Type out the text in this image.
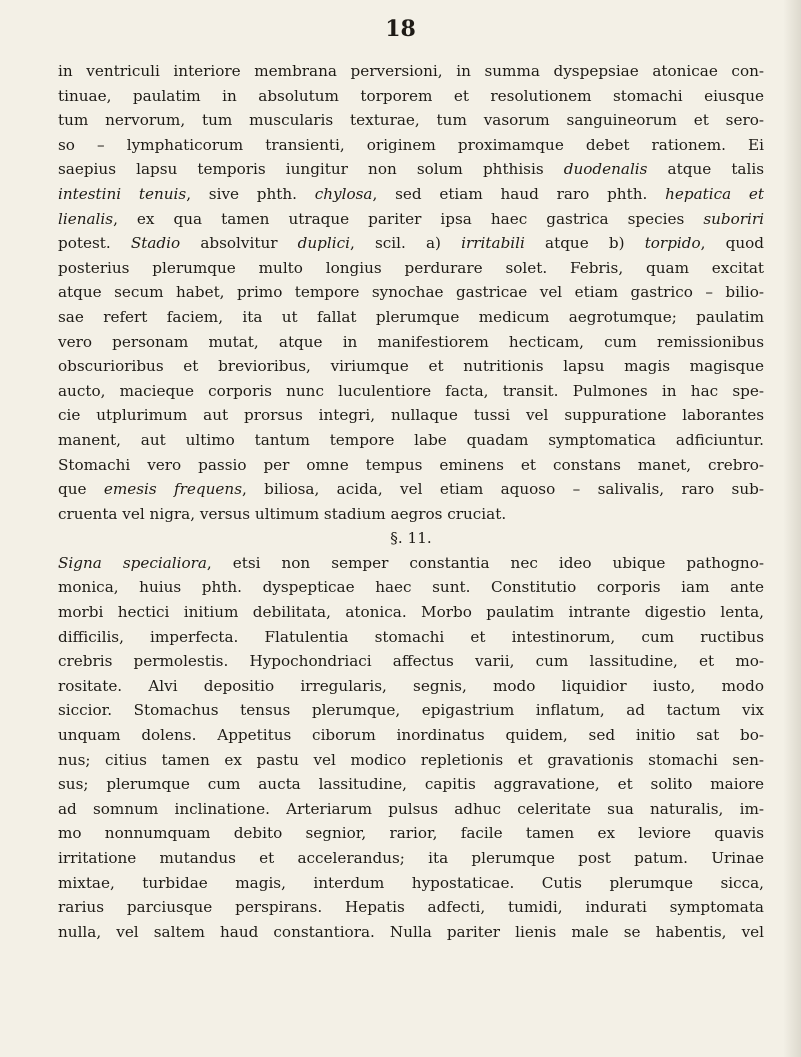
18
in ventriculi interiore membrana perversioni, in summa dyspepsiae atonicae con-
tinuae, paulatim in absolutum torporem et resolutionem stomachi eiusque
tum nervorum, tum muscularis texturae, tum vasorum sanguineorum et sero-
so – lymphaticorum transienti, originem proximamque debet rationem. Ei
saepius lapsu temporis iungitur non solum phthisis duodenalis atque talis
intestini tenuis, sive phth. chylosa, sed etiam haud raro phth. hepatica et
lienalis, ex qua tamen utraque pariter ipsa haec gastrica species suboriri
potest. Stadio absolvitur duplici, scil. a) irritabili atque b) torpido, quod
posterius plerumque multo longius perdurare solet. Febris, quam excitat
atque secum habet, primo tempore synochae gastricae vel etiam gastrico – bilio-
sae refert faciem, ita ut fallat plerumque medicum aegrotumque; paulatim
vero personam mutat, atque in manifestiorem hecticam, cum remissionibus
obscurioribus et brevioribus, viriumque et nutritionis lapsu magis magisque
aucto, macieque corporis nunc luculentiore facta, transit. Pulmones in hac spe-
cie utplurimum aut prorsus integri, nullaque tussi vel suppuratione laborantes
manent, aut ultimo tantum tempore labe quadam symptomatica adficiuntur.
Stomachi vero passio per omne tempus eminens et constans manet, crebro-
que emesis frequens, biliosa, acida, vel etiam aquoso – salivalis, raro sub-
cruenta vel nigra, versus ultimum stadium aegros cruciat.
§. 11.
Signa specialiora, etsi non semper constantia nec ideo ubique pathogno-
monica, huius phth. dyspepticae haec sunt. Constitutio corporis iam ante
morbi hectici initium debilitata, atonica. Morbo paulatim intrante digestio lenta,
difficilis, imperfecta. Flatulentia stomachi et intestinorum, cum ructibus
crebris permolestis. Hypochondriaci affectus varii, cum lassitudine, et mo-
rositate. Alvi depositio irregularis, segnis, modo liquidior iusto, modo
siccior. Stomachus tensus plerumque, epigastrium inflatum, ad tactum vix
unquam dolens. Appetitus ciborum inordinatus quidem, sed initio sat bo-
nus; citius tamen ex pastu vel modico repletionis et gravationis stomachi sen-
sus; plerumque cum aucta lassitudine, capitis aggravatione, et solito maiore
ad somnum inclinatione. Arteriarum pulsus adhuc celeritate sua naturalis, im-
mo nonnumquam debito segnior, rarior, facile tamen ex leviore quavis
irritatione mutandus et accelerandus; ita plerumque post patum. Urinae
mixtae, turbidae magis, interdum hypostaticae. Cutis plerumque sicca,
rarius parciusque perspirans. Hepatis adfecti, tumidi, indurati symptomata
nulla, vel saltem haud constantiora. Nulla pariter lienis male se habentis, vel
